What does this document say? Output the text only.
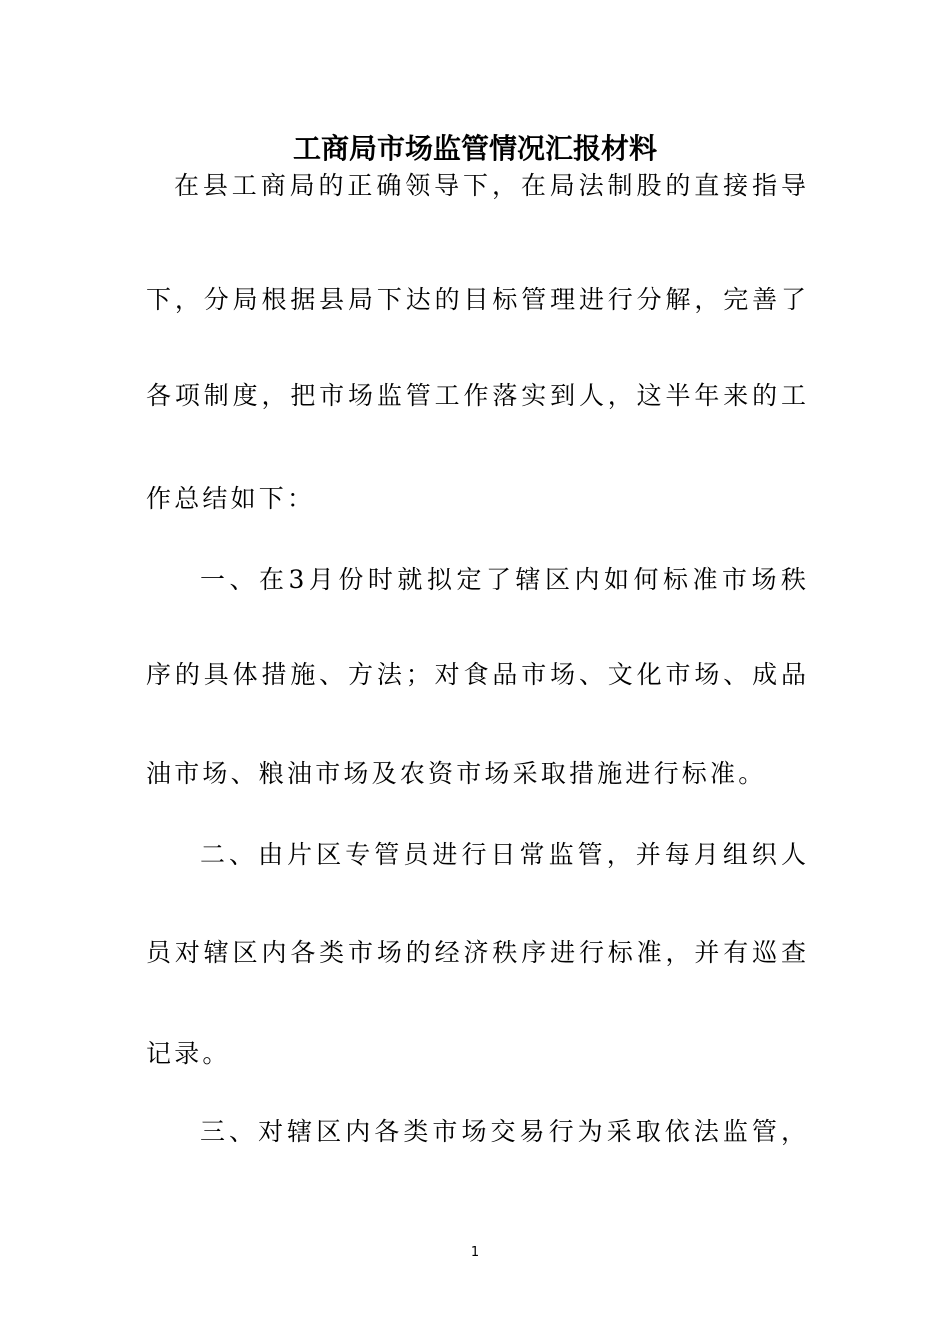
工商局市场监管情况汇报材料
在县工商局的正确领导下，在局法制股的直接指导
下，分局根据县局下达的目标管理进行分解，完善了
各项制度，把市场监管工作落实到人，这半年来的工
作总结如下：
一、在3月份时就拟定了辖区内如何标准市场秩
序的具体措施、方法；对食品市场、文化市场、成品
油市场、粮油市场及农资市场采取措施进行标准。
二、由片区专管员进行日常监管，并每月组织人
员对辖区内各类市场的经济秩序进行标准，并有巡查
记录。
三、对辖区内各类市场交易行为采取依法监管，
1
